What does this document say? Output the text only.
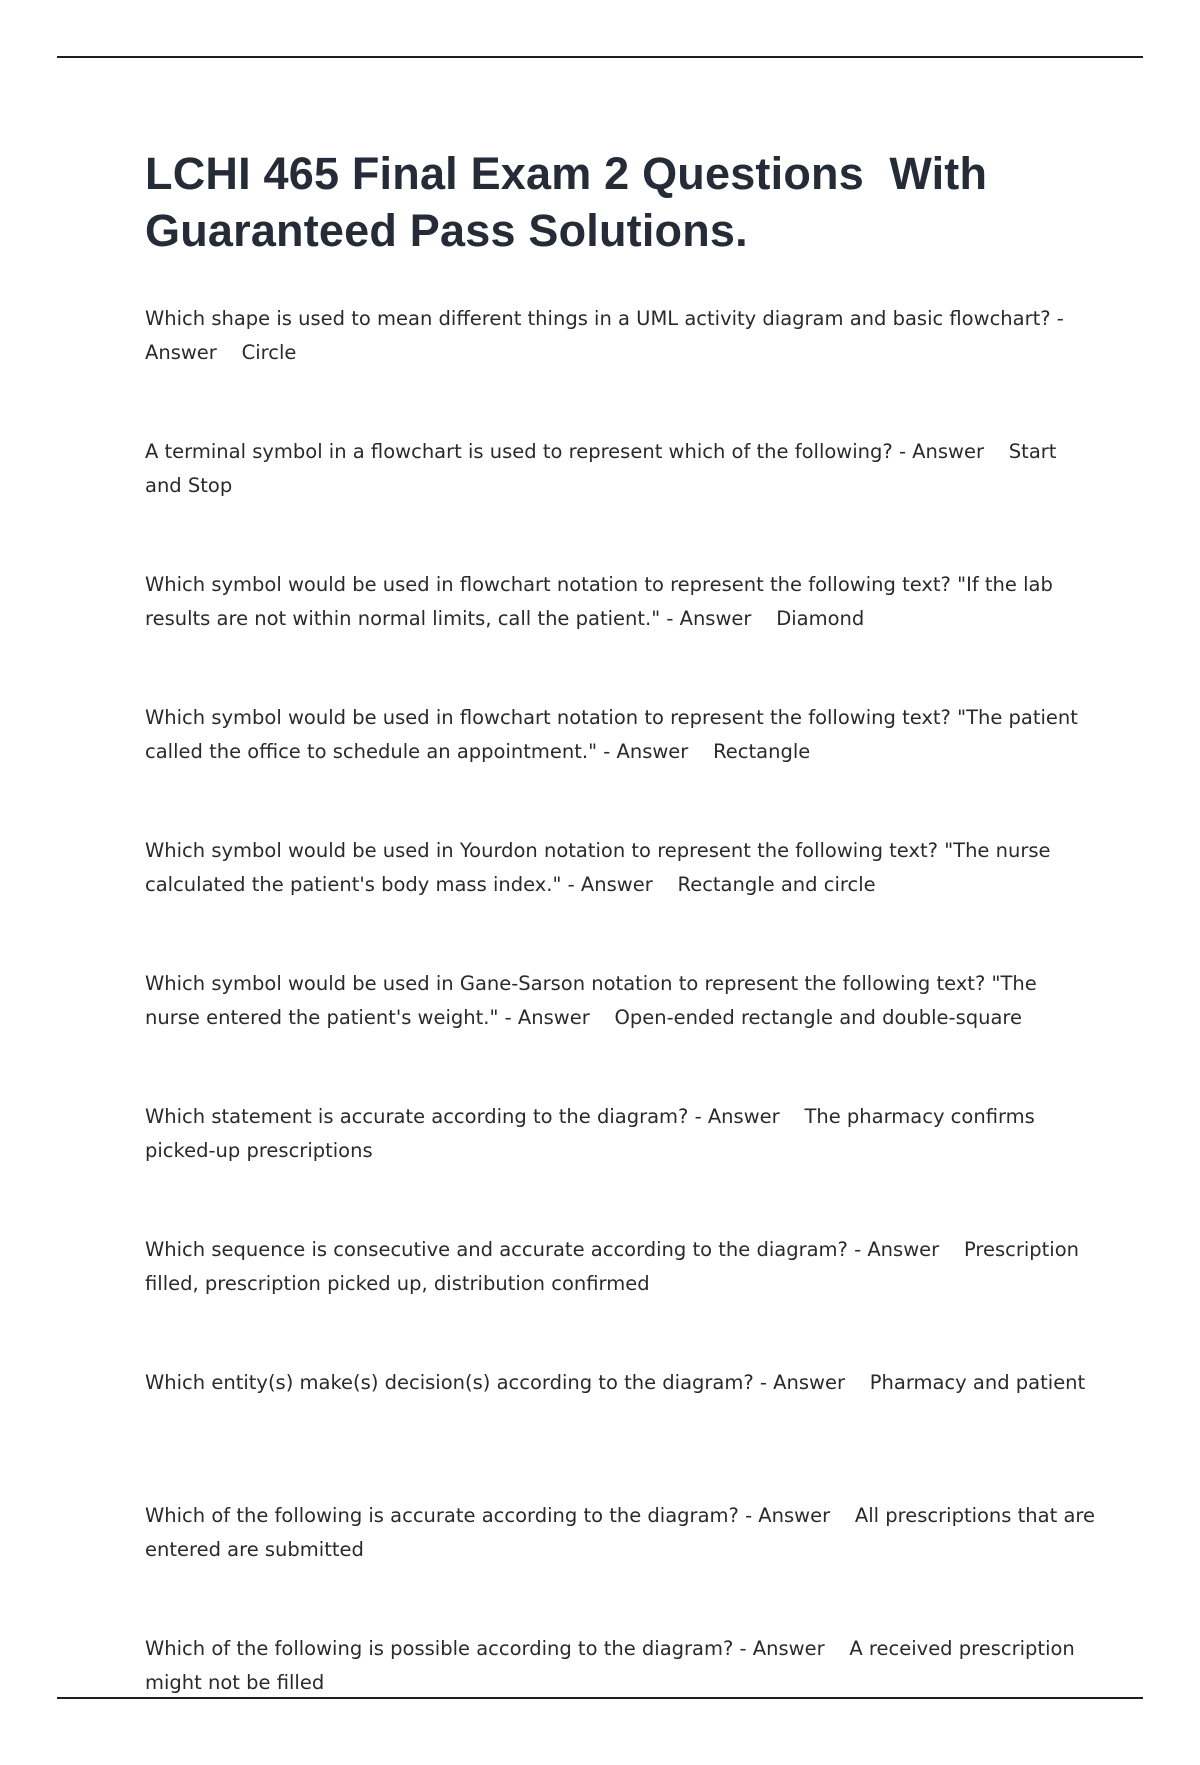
LCHI 465 Final Exam 2 Questions  With Guaranteed Pass Solutions.
Which shape is used to mean different things in a UML activity diagram and basic flowchart? - Answer    Circle
A terminal symbol in a flowchart is used to represent which of the following? - Answer    Start and Stop
Which symbol would be used in flowchart notation to represent the following text? "If the lab results are not within normal limits, call the patient." - Answer    Diamond
Which symbol would be used in flowchart notation to represent the following text? "The patient called the office to schedule an appointment." - Answer    Rectangle
Which symbol would be used in Yourdon notation to represent the following text? "The nurse calculated the patient's body mass index." - Answer    Rectangle and circle
Which symbol would be used in Gane-Sarson notation to represent the following text? "The nurse entered the patient's weight." - Answer    Open-ended rectangle and double-square
Which statement is accurate according to the diagram? - Answer    The pharmacy confirms picked-up prescriptions
Which sequence is consecutive and accurate according to the diagram? - Answer    Prescription filled, prescription picked up, distribution confirmed
Which entity(s) make(s) decision(s) according to the diagram? - Answer    Pharmacy and patient
Which of the following is accurate according to the diagram? - Answer    All prescriptions that are entered are submitted
Which of the following is possible according to the diagram? - Answer    A received prescription might not be filled
